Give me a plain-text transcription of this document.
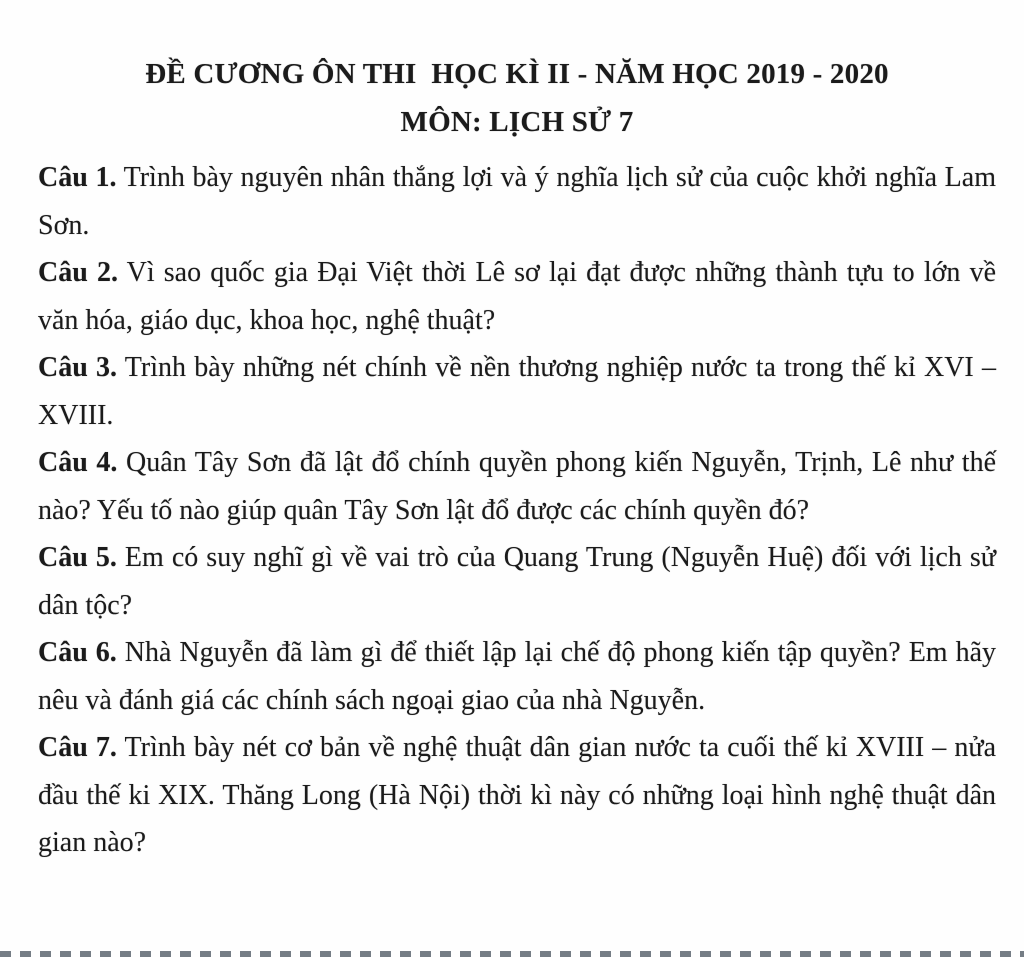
ĐỀ CƯƠNG ÔN THI  HỌC KÌ II - NĂM HỌC 2019 - 2020
MÔN: LỊCH SỬ 7

Câu 1. Trình bày nguyên nhân thắng lợi và ý nghĩa lịch sử của cuộc khởi nghĩa Lam Sơn.

Câu 2. Vì sao quốc gia Đại Việt thời Lê sơ lại đạt được những thành tựu to lớn về văn hóa, giáo dục, khoa học, nghệ thuật?

Câu 3. Trình bày những nét chính về nền thương nghiệp nước ta trong thế kỉ XVI – XVIII.

Câu 4. Quân Tây Sơn đã lật đổ chính quyền phong kiến Nguyễn, Trịnh, Lê như thế nào? Yếu tố nào giúp quân Tây Sơn lật đổ được các chính quyền đó?

Câu 5. Em có suy nghĩ gì về vai trò của Quang Trung (Nguyễn Huệ) đối với lịch sử dân tộc?

Câu 6. Nhà Nguyễn đã làm gì để thiết lập lại chế độ phong kiến tập quyền? Em hãy nêu và đánh giá các chính sách ngoại giao của nhà Nguyễn.

Câu 7. Trình bày nét cơ bản về nghệ thuật dân gian nước ta cuối thế kỉ XVIII – nửa đầu thế ki XIX. Thăng Long (Hà Nội) thời kì này có những loại hình nghệ thuật dân gian nào?
